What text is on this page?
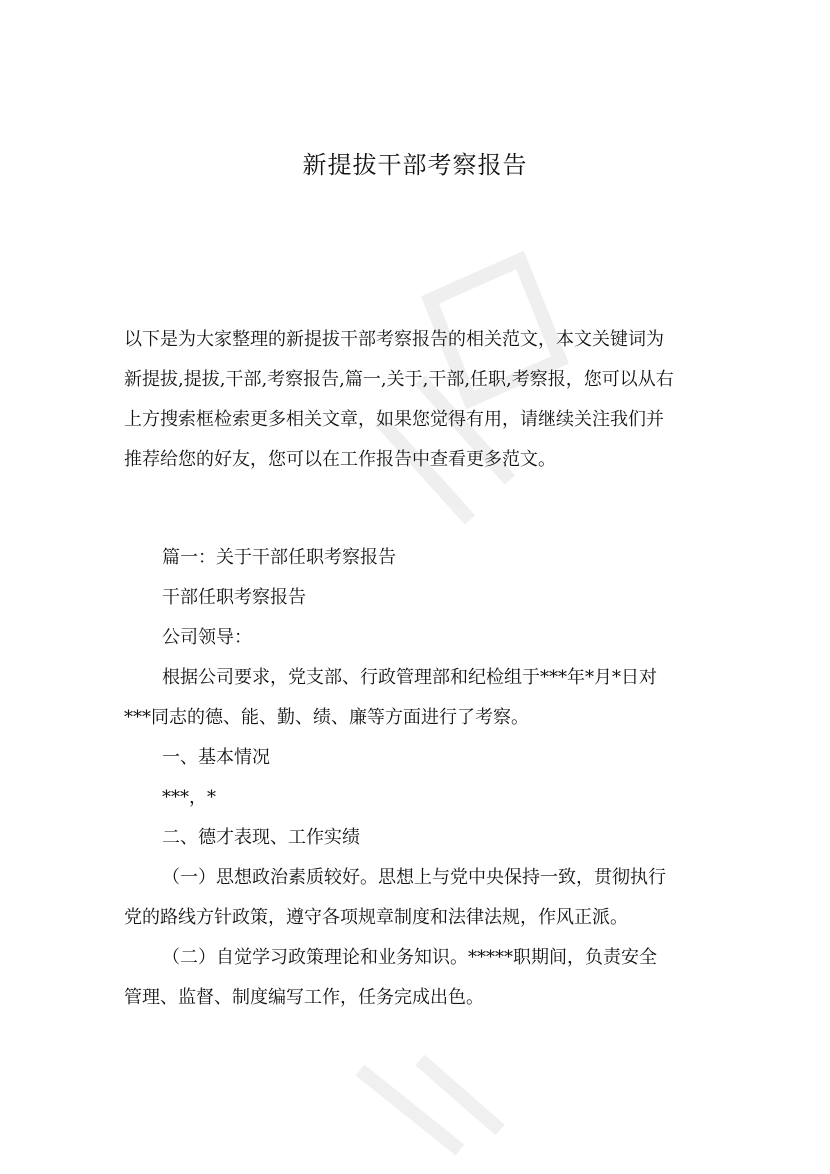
新提拔干部考察报告
以下是为大家整理的新提拔干部考察报告的相关范文，本文关键词为
新提拔,提拔,干部,考察报告,篇一,关于,干部,任职,考察报，您可以从右
上方搜索框检索更多相关文章，如果您觉得有用，请继续关注我们并
推荐给您的好友，您可以在工作报告中查看更多范文。
篇一：关于干部任职考察报告
干部任职考察报告
公司领导：
根据公司要求，党支部、行政管理部和纪检组于***年*月*日对
***同志的德、能、勤、绩、廉等方面进行了考察。
一、基本情况
***，*
二、德才表现、工作实绩
（一）思想政治素质较好。思想上与党中央保持一致，贯彻执行
党的路线方针政策，遵守各项规章制度和法律法规，作风正派。
（二）自觉学习政策理论和业务知识。*****职期间，负责安全
管理、监督、制度编写工作，任务完成出色。
